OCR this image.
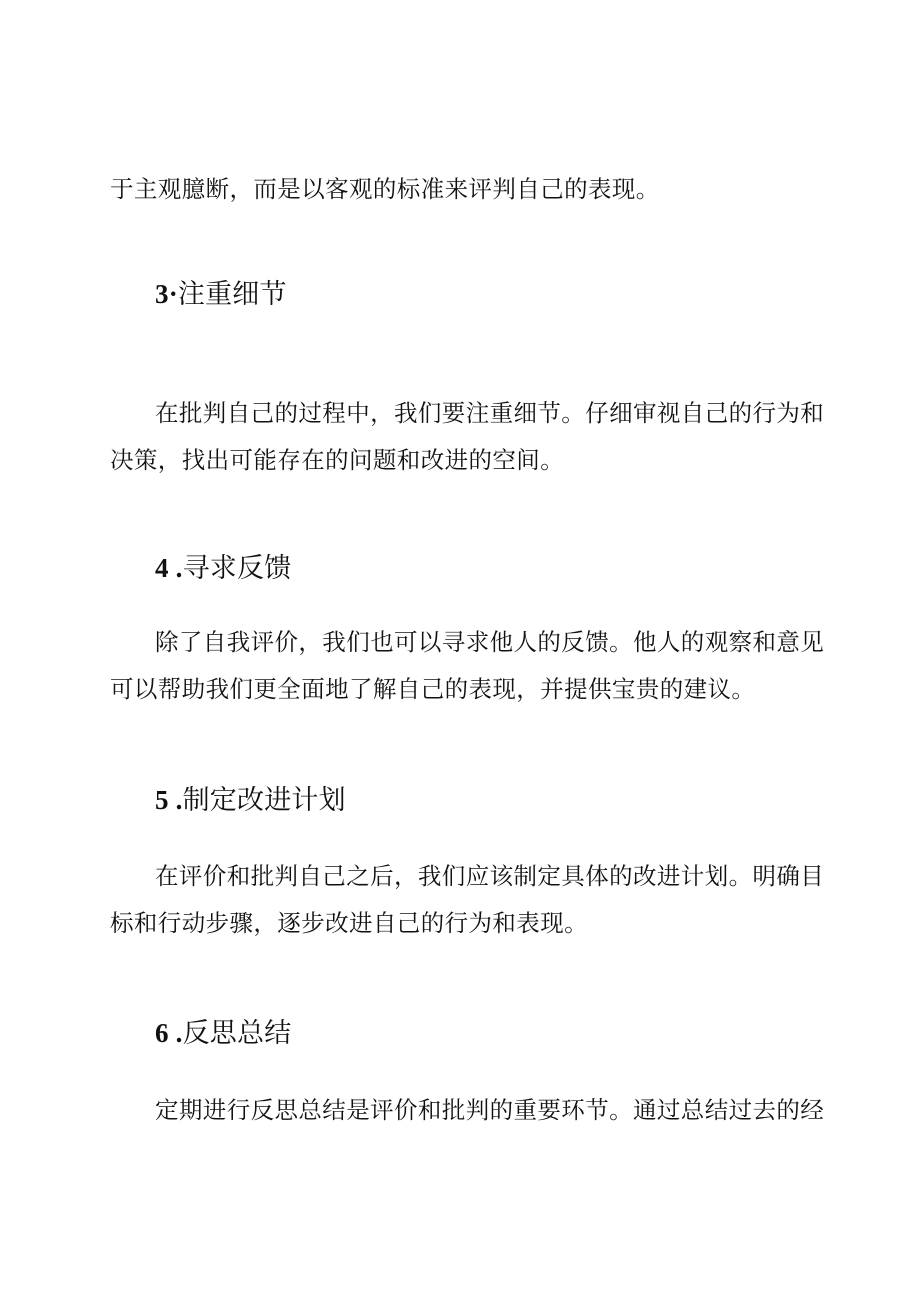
于主观臆断，而是以客观的标准来评判自己的表现。
3·注重细节
在批判自己的过程中，我们要注重细节。仔细审视自己的行为和
决策，找出可能存在的问题和改进的空间。
4 .寻求反馈
除了自我评价，我们也可以寻求他人的反馈。他人的观察和意见
可以帮助我们更全面地了解自己的表现，并提供宝贵的建议。
5 .制定改进计划
在评价和批判自己之后，我们应该制定具体的改进计划。明确目
标和行动步骤，逐步改进自己的行为和表现。
6 .反思总结
定期进行反思总结是评价和批判的重要环节。通过总结过去的经
